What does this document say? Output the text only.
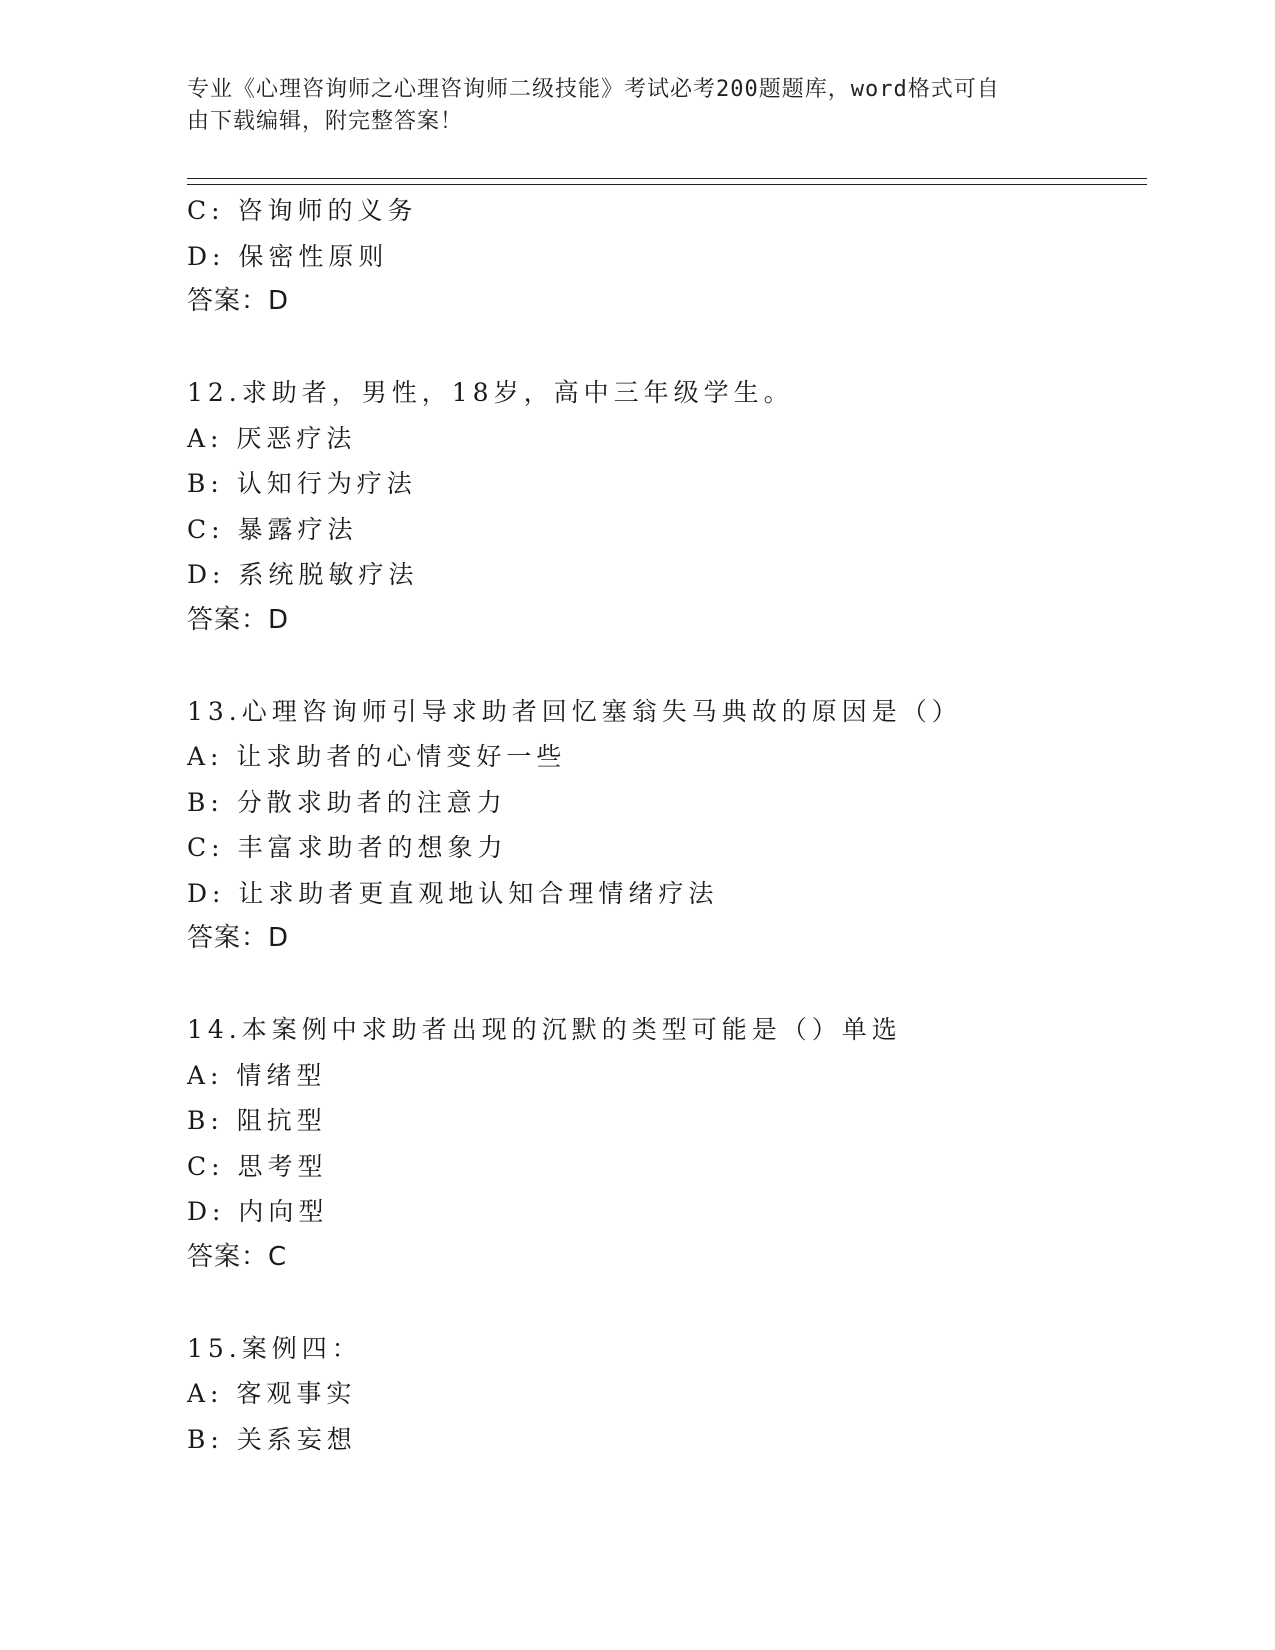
专业《心理咨询师之心理咨询师二级技能》考试必考200题题库，word格式可自
由下载编辑，附完整答案！
C: 咨询师的义务
D: 保密性原则
答案：D
12.求助者，男性，18岁，高中三年级学生。
A: 厌恶疗法
B: 认知行为疗法
C: 暴露疗法
D: 系统脱敏疗法
答案：D
13.心理咨询师引导求助者回忆塞翁失马典故的原因是（）
A: 让求助者的心情变好一些
B: 分散求助者的注意力
C: 丰富求助者的想象力
D: 让求助者更直观地认知合理情绪疗法
答案：D
14.本案例中求助者出现的沉默的类型可能是（）单选
A: 情绪型
B: 阻抗型
C: 思考型
D: 内向型
答案：C
15.案例四：
A: 客观事实
B: 关系妄想
